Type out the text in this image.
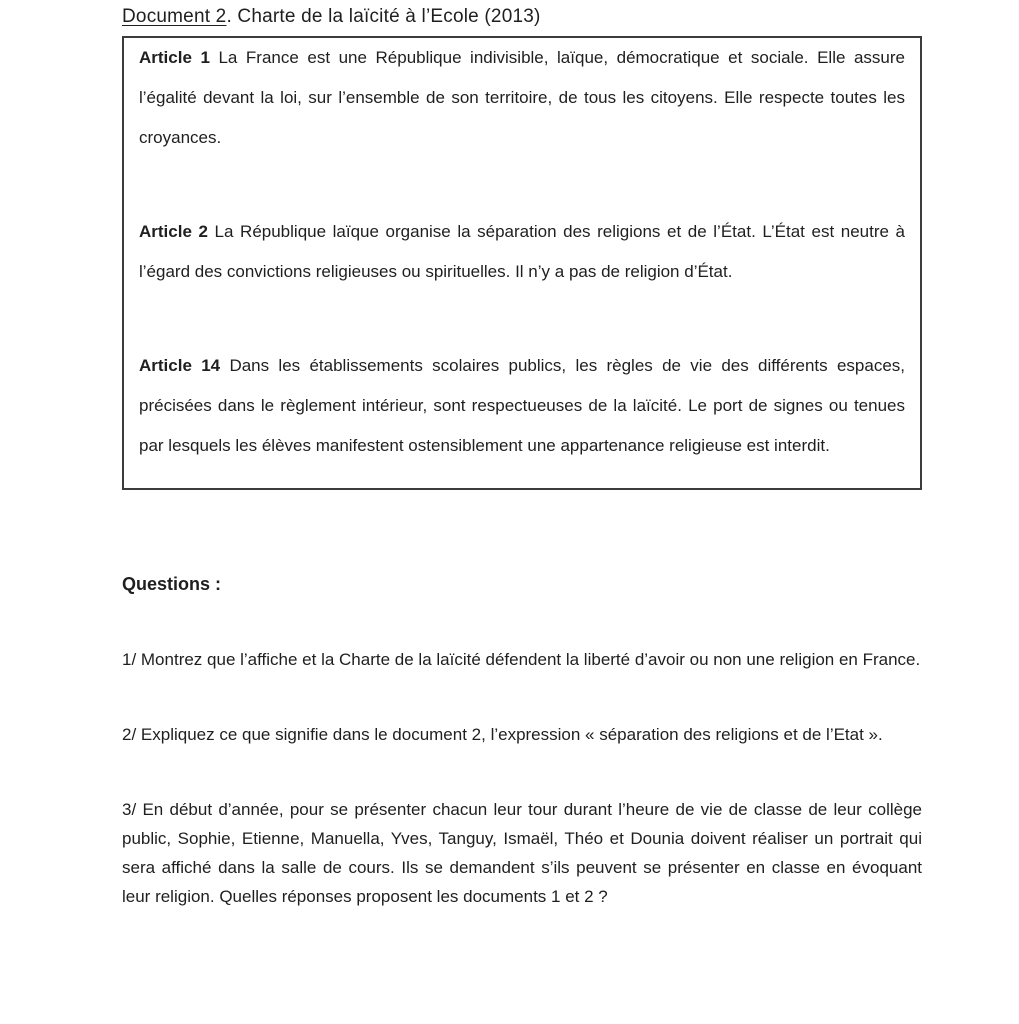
Document 2. Charte de la laïcité à l’Ecole (2013)

Article 1 La France est une République indivisible, laïque, démocratique et sociale. Elle assure l’égalité devant la loi, sur l’ensemble de son territoire, de tous les citoyens. Elle respecte toutes les croyances.

Article 2 La République laïque organise la séparation des religions et de l’État. L’État est neutre à l’égard des convictions religieuses ou spirituelles. Il n’y a pas de religion d’État.

Article 14 Dans les établissements scolaires publics, les règles de vie des différents espaces, précisées dans le règlement intérieur, sont respectueuses de la laïcité. Le port de signes ou tenues par lesquels les élèves manifestent ostensiblement une appartenance religieuse est interdit.

Questions :

1/ Montrez que l’affiche et la Charte de la laïcité défendent la liberté d’avoir ou non une religion en France.

2/ Expliquez ce que signifie dans le document 2, l’expression « séparation des religions et de l’Etat ».

3/ En début d’année, pour se présenter chacun leur tour durant l’heure de vie de classe de leur collège public, Sophie, Etienne, Manuella, Yves, Tanguy, Ismaël, Théo et Dounia doivent réaliser un portrait qui sera affiché dans la salle de cours. Ils se demandent s’ils peuvent se présenter en classe en évoquant leur religion. Quelles réponses proposent les documents 1 et 2 ?
